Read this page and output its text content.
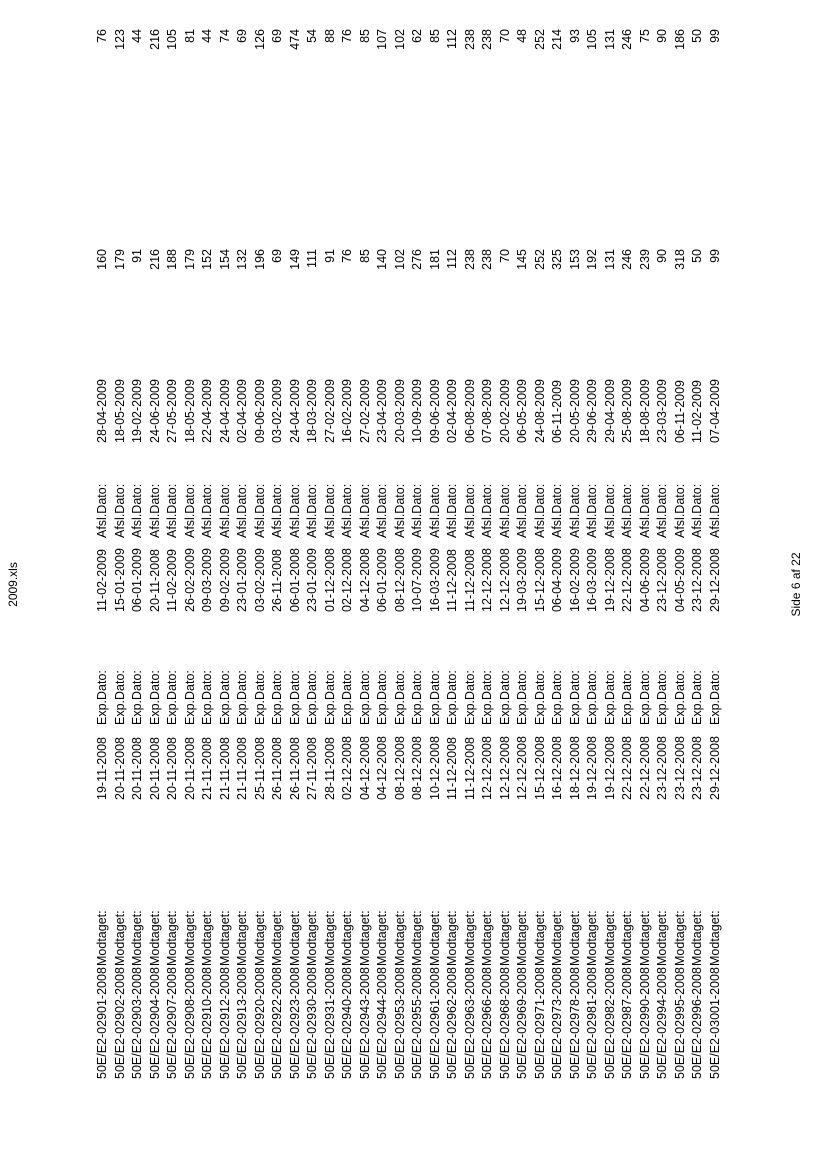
2009.xls
50E/E2-02901-2008
Modtaget:
19-11-2008
Exp.Dato:
11-02-2009
Afsl.Dato:
28-04-2009
160
76
50E/E2-02902-2008
Modtaget:
20-11-2008
Exp.Dato:
15-01-2009
Afsl.Dato:
18-05-2009
179
123
50E/E2-02903-2008
Modtaget:
20-11-2008
Exp.Dato:
06-01-2009
Afsl.Dato:
19-02-2009
91
44
50E/E2-02904-2008
Modtaget:
20-11-2008
Exp.Dato:
20-11-2008
Afsl.Dato:
24-06-2009
216
216
50E/E2-02907-2008
Modtaget:
20-11-2008
Exp.Dato:
11-02-2009
Afsl.Dato:
27-05-2009
188
105
50E/E2-02908-2008
Modtaget:
20-11-2008
Exp.Dato:
26-02-2009
Afsl.Dato:
18-05-2009
179
81
50E/E2-02910-2008
Modtaget:
21-11-2008
Exp.Dato:
09-03-2009
Afsl.Dato:
22-04-2009
152
44
50E/E2-02912-2008
Modtaget:
21-11-2008
Exp.Dato:
09-02-2009
Afsl.Dato:
24-04-2009
154
74
50E/E2-02913-2008
Modtaget:
21-11-2008
Exp.Dato:
23-01-2009
Afsl.Dato:
02-04-2009
132
69
50E/E2-02920-2008
Modtaget:
25-11-2008
Exp.Dato:
03-02-2009
Afsl.Dato:
09-06-2009
196
126
50E/E2-02922-2008
Modtaget:
26-11-2008
Exp.Dato:
26-11-2008
Afsl.Dato:
03-02-2009
69
69
50E/E2-02923-2008
Modtaget:
26-11-2008
Exp.Dato:
06-01-2008
Afsl.Dato:
24-04-2009
149
474
50E/E2-02930-2008
Modtaget:
27-11-2008
Exp.Dato:
23-01-2009
Afsl.Dato:
18-03-2009
111
54
50E/E2-02931-2008
Modtaget:
28-11-2008
Exp.Dato:
01-12-2008
Afsl.Dato:
27-02-2009
91
88
50E/E2-02940-2008
Modtaget:
02-12-2008
Exp.Dato:
02-12-2008
Afsl.Dato:
16-02-2009
76
76
50E/E2-02943-2008
Modtaget:
04-12-2008
Exp.Dato:
04-12-2008
Afsl.Dato:
27-02-2009
85
85
50E/E2-02944-2008
Modtaget:
04-12-2008
Exp.Dato:
06-01-2009
Afsl.Dato:
23-04-2009
140
107
50E/E2-02953-2008
Modtaget:
08-12-2008
Exp.Dato:
08-12-2008
Afsl.Dato:
20-03-2009
102
102
50E/E2-02955-2008
Modtaget:
08-12-2008
Exp.Dato:
10-07-2009
Afsl.Dato:
10-09-2009
276
62
50E/E2-02961-2008
Modtaget:
10-12-2008
Exp.Dato:
16-03-2009
Afsl.Dato:
09-06-2009
181
85
50E/E2-02962-2008
Modtaget:
11-12-2008
Exp.Dato:
11-12-2008
Afsl.Dato:
02-04-2009
112
112
50E/E2-02963-2008
Modtaget:
11-12-2008
Exp.Dato:
11-12-2008
Afsl.Dato:
06-08-2009
238
238
50E/E2-02966-2008
Modtaget:
12-12-2008
Exp.Dato:
12-12-2008
Afsl.Dato:
07-08-2009
238
238
50E/E2-02968-2008
Modtaget:
12-12-2008
Exp.Dato:
12-12-2008
Afsl.Dato:
20-02-2009
70
70
50E/E2-02969-2008
Modtaget:
12-12-2008
Exp.Dato:
19-03-2009
Afsl.Dato:
06-05-2009
145
48
50E/E2-02971-2008
Modtaget:
15-12-2008
Exp.Dato:
15-12-2008
Afsl.Dato:
24-08-2009
252
252
50E/E2-02973-2008
Modtaget:
16-12-2008
Exp.Dato:
06-04-2009
Afsl.Dato:
06-11-2009
325
214
50E/E2-02978-2008
Modtaget:
18-12-2008
Exp.Dato:
16-02-2009
Afsl.Dato:
20-05-2009
153
93
50E/E2-02981-2008
Modtaget:
19-12-2008
Exp.Dato:
16-03-2009
Afsl.Dato:
29-06-2009
192
105
50E/E2-02982-2008
Modtaget:
19-12-2008
Exp.Dato:
19-12-2008
Afsl.Dato:
29-04-2009
131
131
50E/E2-02987-2008
Modtaget:
22-12-2008
Exp.Dato:
22-12-2008
Afsl.Dato:
25-08-2009
246
246
50E/E2-02990-2008
Modtaget:
22-12-2008
Exp.Dato:
04-06-2009
Afsl.Dato:
18-08-2009
239
75
50E/E2-02994-2008
Modtaget:
23-12-2008
Exp.Dato:
23-12-2008
Afsl.Dato:
23-03-2009
90
90
50E/E2-02995-2008
Modtaget:
23-12-2008
Exp.Dato:
04-05-2009
Afsl.Dato:
06-11-2009
318
186
50E/E2-02996-2008
Modtaget:
23-12-2008
Exp.Dato:
23-12-2008
Afsl.Dato:
11-02-2009
50
50
50E/E2-03001-2008
Modtaget:
29-12-2008
Exp.Dato:
29-12-2008
Afsl.Dato:
07-04-2009
99
99
Side 6 af 22
